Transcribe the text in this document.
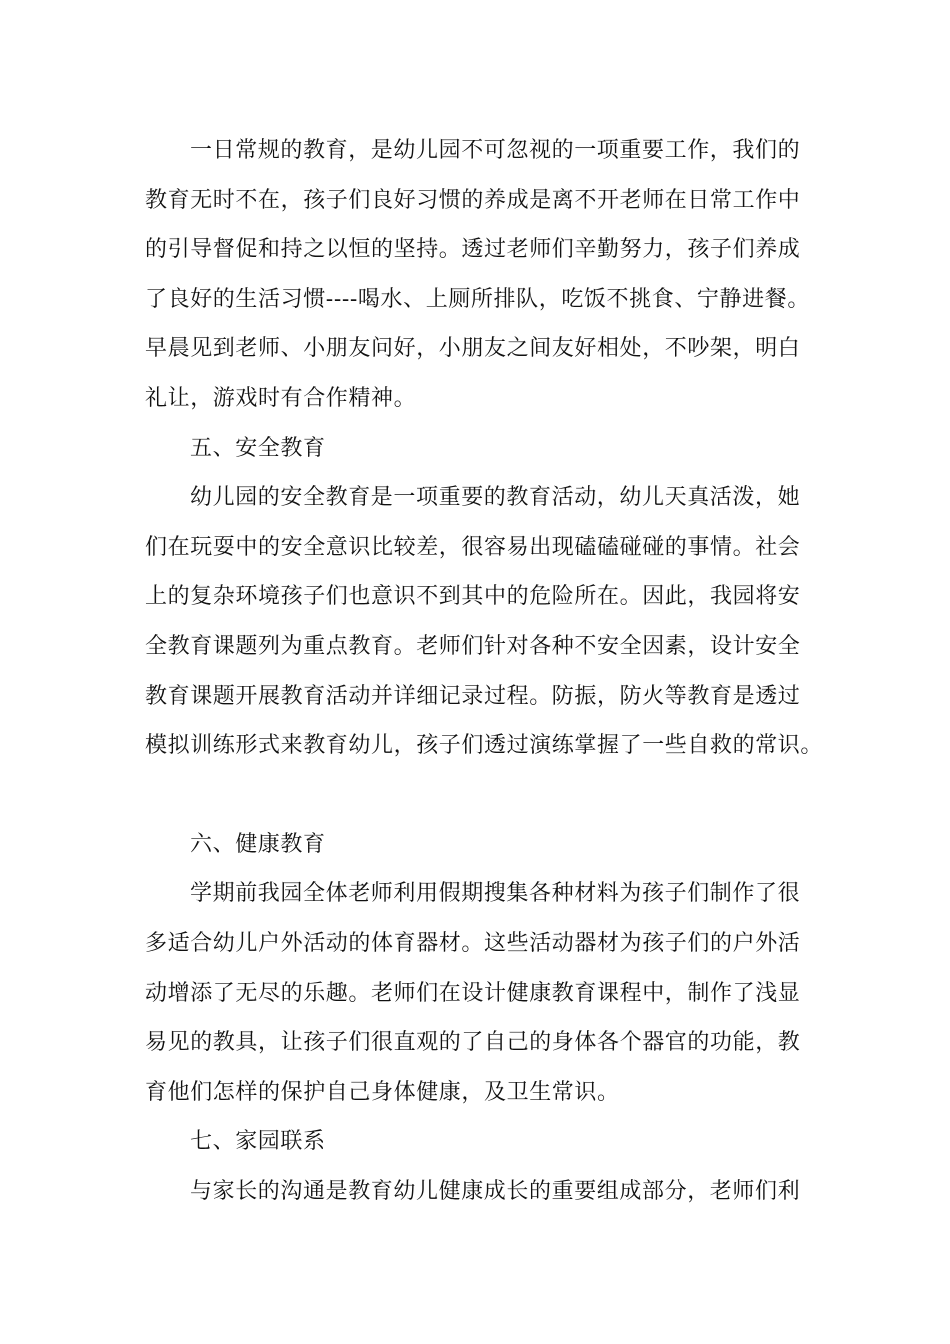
一日常规的教育，是幼儿园不可忽视的一项重要工作，我们的
教育无时不在，孩子们良好习惯的养成是离不开老师在日常工作中
的引导督促和持之以恒的坚持。透过老师们辛勤努力，孩子们养成
了良好的生活习惯----喝水、上厕所排队，吃饭不挑食、宁静进餐。
早晨见到老师、小朋友问好，小朋友之间友好相处，不吵架，明白
礼让，游戏时有合作精神。
五、安全教育
幼儿园的安全教育是一项重要的教育活动，幼儿天真活泼，她
们在玩耍中的安全意识比较差，很容易出现磕磕碰碰的事情。社会
上的复杂环境孩子们也意识不到其中的危险所在。因此，我园将安
全教育课题列为重点教育。老师们针对各种不安全因素，设计安全
教育课题开展教育活动并详细记录过程。防振，防火等教育是透过
模拟训练形式来教育幼儿，孩子们透过演练掌握了一些自救的常识。
六、健康教育
学期前我园全体老师利用假期搜集各种材料为孩子们制作了很
多适合幼儿户外活动的体育器材。这些活动器材为孩子们的户外活
动增添了无尽的乐趣。老师们在设计健康教育课程中，制作了浅显
易见的教具，让孩子们很直观的了自己的身体各个器官的功能，教
育他们怎样的保护自己身体健康，及卫生常识。
七、家园联系
与家长的沟通是教育幼儿健康成长的重要组成部分，老师们利
